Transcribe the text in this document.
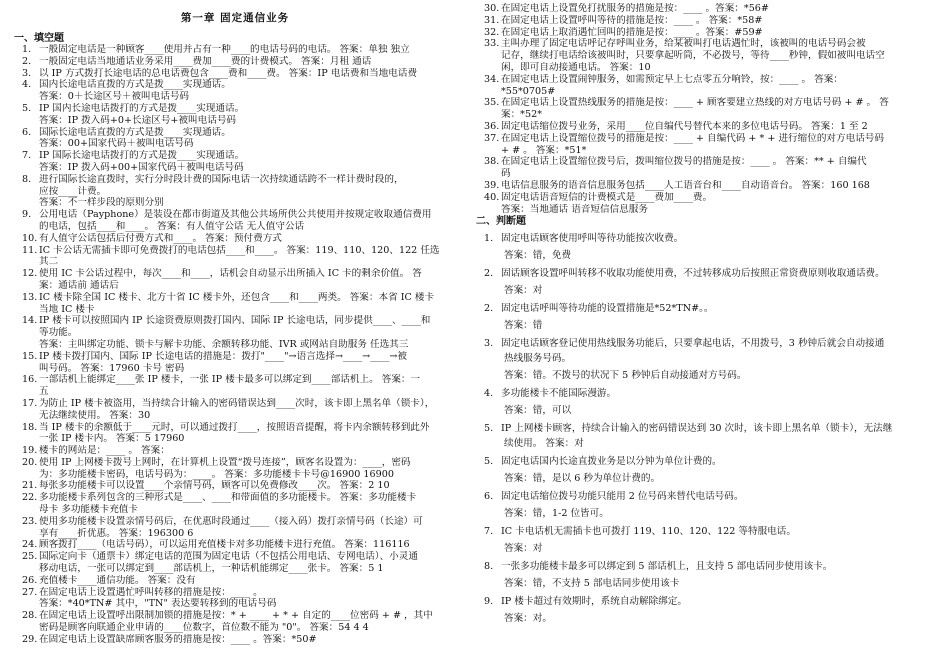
第一章 固定通信业务
一、填空题
1. 一般固定电话是一种顾客____使用并占有一种____的电话号码的电话。 答案：单独 独立
2. 一般固定电话当地通话业务采用____费加____费的计费模式。 答案：月租 通话
3. 以 IP 方式拨打长途电话的总电话费包含____费和____费。 答案：IP 电话费和当地电话费
4. 国内长途电话直拨的方式是拨____实现通话。
答案：0＋长途区号＋被叫电话号码
5. IP 国内长途电话拨打的方式是拨____实现通话。
答案：IP 拨入码+0+长途区号+被叫电话号码
6. 国际长途电话直拨的方式是拨____实现通话。
答案：00+国家代码＋被叫电话号码
7. IP 国际长途电话拨打的方式是拨____实现通话。
答案：IP 拨入码+00+国家代码＋被叫电话号码
8. 进行国际长途直拨时，实行分时段计费的国际电话一次持续通话跨不一样计费时段的，
应按____计费。
答案：不一样步段的原则分别
9. 公用电话（Payphone）是装设在都市街道及其他公共场所供公共使用并按规定收取通信费用
的电话，包括____和____。 答案：有人值守公话 无人值守公话
10. 有人值守公话包括后付费方式和____。 答案：预付费方式
11. IC 卡公话无需插卡即可免费拨打的电话包括____和____。 答案：119、110、120、122 任选
其二
12. 使用 IC 卡公话过程中，每次____和____，话机会自动显示出所插入 IC 卡的剩余价值。 答
案：通话前 通话后
13. IC 楼卡除全国 IC 楼卡、北方十省 IC 楼卡外，还包含____和____两类。 答案：本省 IC 楼卡
当地 IC 楼卡
14. IP 楼卡可以按照国内 IP 长途资费原则拨打国内、国际 IP 长途电话，同步提供____、____和
等功能。
答案：主叫绑定功能、锁卡与解卡功能、余额转移功能、IVR 或网站自助服务 任选其三
15. IP 楼卡拨打国内、国际 IP 长途电话的措施是：拨打"____"→语言选择→____→____→被
叫号码。 答案：17960 卡号 密码
16. 一部话机上能绑定____张 IP 楼卡，一张 IP 楼卡最多可以绑定到____部话机上。 答案：一
五
17. 为防止 IP 楼卡被盗用，当持续合计输入的密码错误达到____次时，该卡即上黑名单（锁卡），
无法继续使用。 答案：30
18. 当 IP 楼卡的余额低于____元时，可以通过拨打____，按照语音提醒，将卡内余额转移到此外
一张 IP 楼卡内。 答案：5 17960
19. 楼卡的网站是：____ 。 答案：
20. 使用 IP 上网楼卡拨号上网时，在计算机上设置“拨号连接”，顾客名设置为：____，密码
为：多功能楼卡密码，电话号码为：____。 答案：多功能楼卡卡号@16900 16900
21. 每张多功能楼卡可以设置____个亲情号码，顾客可以免费修改____次。 答案：2 10
22. 多功能楼卡系列包含的三种形式是____、____和带面值的多功能楼卡。 答案：多功能楼卡
母卡 多功能楼卡充值卡
23. 使用多功能楼卡设置亲情号码后，在优惠时段通过____（接入码）拨打亲情号码（长途）可
享有____折优惠。 答案：196300 6
24. 顾客拨打____（电话号码），可以运用充值楼卡对多功能楼卡进行充值。 答案：116116
25. 国际定向卡（通票卡）绑定电话的范围为固定电话（不包括公用电话、专网电话）、小灵通
移动电话，一张可以绑定到____部话机上，一种话机能绑定____张卡。 答案：5 1
26. 充值楼卡____通信功能。 答案：没有
27. 在固定电话上设置遇忙呼叫转移的措施是按：____ 。
答案：*40*TN# 其中，"TN" 表达要转移到的电话号码
28. 在固定电话上设置呼出限制加锁的措施是按：* + ____ + * + 自定的____位密码 + # ，其中
密码是顾客向联通企业申请的____位数字，首位数不能为 "0"。 答案：54 4 4
29. 在固定电话上设置缺席顾客服务的措施是按：____ 。答案：*50#
30. 在固定电话上设置免打扰服务的措施是按：____ 。答案：*56#
31. 在固定电话上设置呼叫等待的措施是按：____ 。 答案：*58#
32. 在固定电话上取消遇忙回叫的措施是按：____ 。答案：#59#
33. 主叫办理了固定电话呼记存呼叫业务，给某被叫打电话遇忙时，该被叫的电话号码会被
记存，继续打电话给该被叫时，只要拿起听筒，不必拨号，等待____秒钟，假如被叫电话空
闲，即可自动接通电话。 答案：10
34. 在固定电话上设置闹钟服务，如需预定早上七点零五分响铃，按：____ 。 答案：
*55*0705#
35. 在固定电话上设置热线服务的措施是按：____ + 顾客要建立热线的对方电话号码 + # 。 答
案：*52*
36. 固定电话缩位拨号业务，采用____位自编代号替代本来的多位电话号码。 答案：1 至 2
37. 在固定电话上设置缩位拨号的措施是按：____ + 自编代码 + * + 进行缩位的对方电话号码
+ # 。 答案：*51*
38. 在固定电话上设置缩位拨号后，拨叫缩位拨号的措施是按：____ 。 答案：** + 自编代
码
39. 电话信息服务的语音信息服务包括____人工语音台和____自动语音台。 答案：160 168
40. 固定电话语音短信的计费模式是____费加____费。
答案：当地通话 语音短信信息服务
二、判断题
1. 固定电话顾客使用呼叫等待功能按次收费。
答案：错，免费
2. 固话顾客设置呼叫转移不收取功能使用费，不过转移成功后按照正常资费原则收取通话费。
答案：对
2. 固定电话呼叫等待功能的设置措施是*52*TN#。。
答案：错
3. 固定电话顾客登记使用热线服务功能后，只要拿起电话，不用拨号，3 秒钟后就会自动接通
热线服务号码。
答案：错。不拨号的状况下 5 秒钟后自动接通对方号码。
4. 多功能楼卡不能国际漫游。
答案：错，可以
5. IP 上网楼卡顾客，持续合计输入的密码错误达到 30 次时，该卡即上黑名单（锁卡），无法继
续使用。 答案：对
5. 固定电话国内长途直拨业务是以分钟为单位计费的。
答案：错，是以 6 秒为单位计费的。
6. 固定电话缩位拨号功能只能用 2 位号码来替代电话号码。
答案：错，1-2 位皆可。
7. IC 卡电话机无需插卡也可拨打 119、110、120、122 等特服电话。
答案：对
8. 一张多功能楼卡最多可以绑定到 5 部话机上，且支持 5 部电话同步使用该卡。
答案：错，不支持 5 部电话同步使用该卡
9. IP 楼卡超过有效期时，系统自动解除绑定。
答案：对。
